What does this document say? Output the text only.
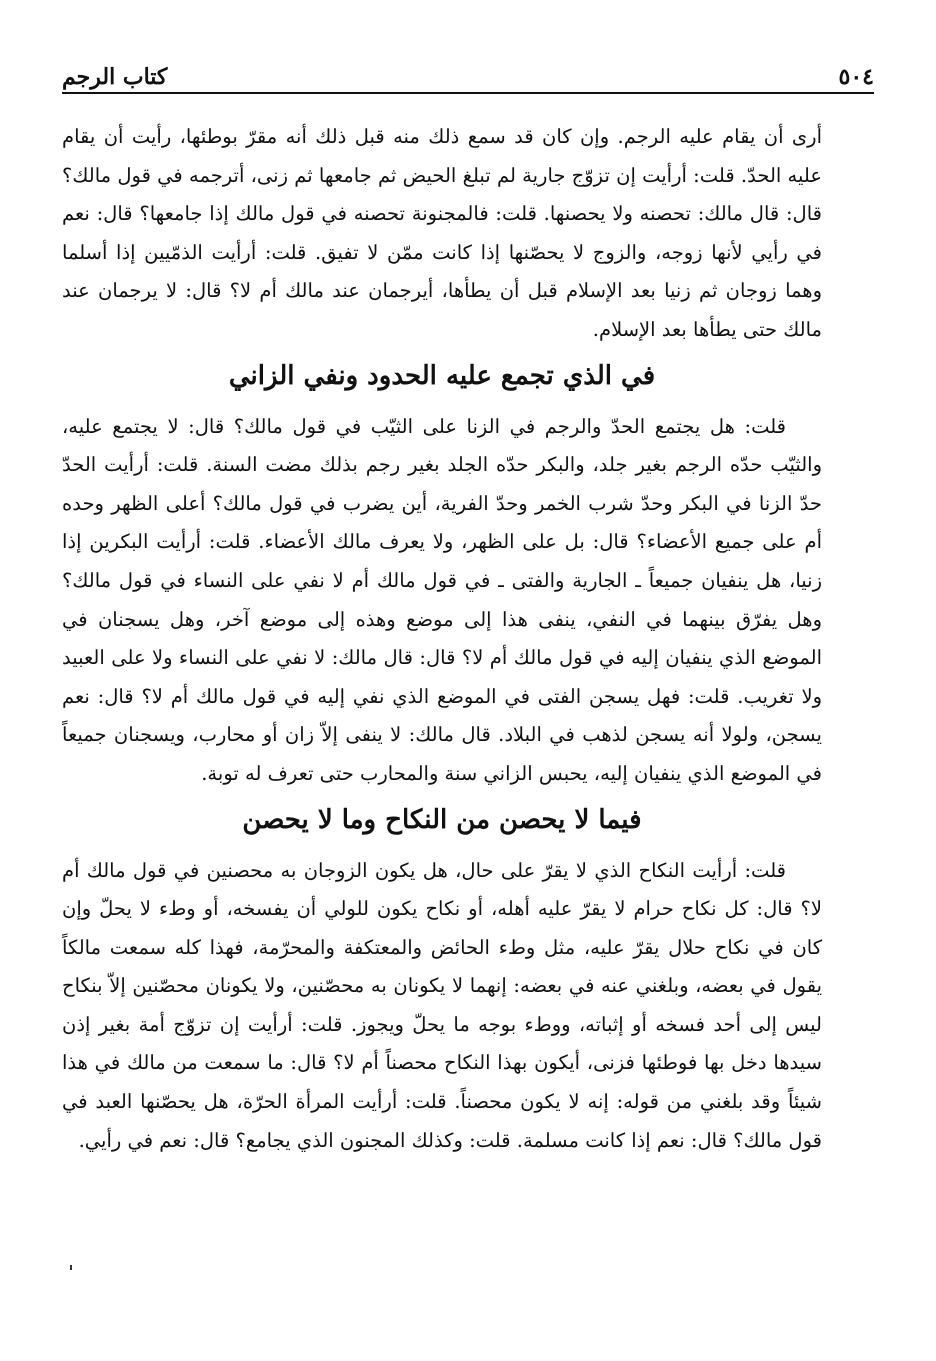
٥٠٤
كتاب الرجم

أرى أن يقام عليه الرجم. وإن كان قد سمع ذلك منه قبل ذلك أنه مقرّ بوطئها، رأيت أن يقام عليه الحدّ. قلت: أرأيت إن تزوّج جارية لم تبلغ الحيض ثم جامعها ثم زنى، أترجمه في قول مالك؟ قال: قال مالك: تحصنه ولا يحصنها. قلت: فالمجنونة تحصنه في قول مالك إذا جامعها؟ قال: نعم في رأيي لأنها زوجه، والزوج لا يحصّنها إذا كانت ممّن لا تفيق. قلت: أرأيت الذمّيين إذا أسلما وهما زوجان ثم زنيا بعد الإسلام قبل أن يطأها، أيرجمان عند مالك أم لا؟ قال: لا يرجمان عند مالك حتى يطأها بعد الإسلام.

في الذي تجمع عليه الحدود ونفي الزاني

قلت: هل يجتمع الحدّ والرجم في الزنا على الثيّب في قول مالك؟ قال: لا يجتمع عليه، والثيّب حدّه الرجم بغير جلد، والبكر حدّه الجلد بغير رجم بذلك مضت السنة. قلت: أرأيت الحدّ حدّ الزنا في البكر وحدّ شرب الخمر وحدّ الفرية، أين يضرب في قول مالك؟ أعلى الظهر وحده أم على جميع الأعضاء؟ قال: بل على الظهر، ولا يعرف مالك الأعضاء. قلت: أرأيت البكرين إذا زنيا، هل ينفيان جميعاً ـ الجارية والفتى ـ في قول مالك أم لا نفي على النساء في قول مالك؟ وهل يفرّق بينهما في النفي، ينفى هذا إلى موضع وهذه إلى موضع آخر، وهل يسجنان في الموضع الذي ينفيان إليه في قول مالك أم لا؟ قال: قال مالك: لا نفي على النساء ولا على العبيد ولا تغريب. قلت: فهل يسجن الفتى في الموضع الذي نفي إليه في قول مالك أم لا؟ قال: نعم يسجن، ولولا أنه يسجن لذهب في البلاد. قال مالك: لا ينفى إلاّ زان أو محارب، ويسجنان جميعاً في الموضع الذي ينفيان إليه، يحبس الزاني سنة والمحارب حتى تعرف له توبة.

فيما لا يحصن من النكاح وما لا يحصن

قلت: أرأيت النكاح الذي لا يقرّ على حال، هل يكون الزوجان به محصنين في قول مالك أم لا؟ قال: كل نكاح حرام لا يقرّ عليه أهله، أو نكاح يكون للولي أن يفسخه، أو وطء لا يحلّ وإن كان في نكاح حلال يقرّ عليه، مثل وطء الحائض والمعتكفة والمحرّمة، فهذا كله سمعت مالكاً يقول في بعضه، وبلغني عنه في بعضه: إنهما لا يكونان به محصّنين، ولا يكونان محصّنين إلاّ بنكاح ليس إلى أحد فسخه أو إثباته، ووطء بوجه ما يحلّ ويجوز. قلت: أرأيت إن تزوّج أمة بغير إذن سيدها دخل بها فوطئها فزنى، أيكون بهذا النكاح محصناً أم لا؟ قال: ما سمعت من مالك في هذا شيئاً وقد بلغني من قوله: إنه لا يكون محصناً. قلت: أرأيت المرأة الحرّة، هل يحصّنها العبد في قول مالك؟ قال: نعم إذا كانت مسلمة. قلت: وكذلك المجنون الذي يجامع؟ قال: نعم في رأيي.
